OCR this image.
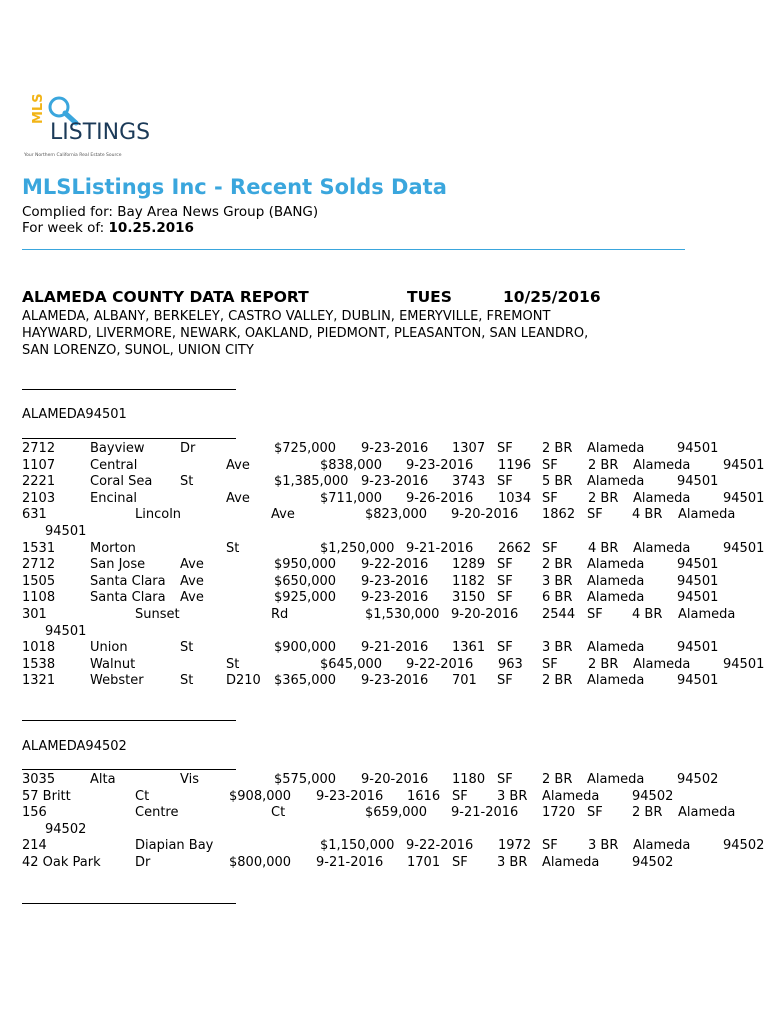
MLS
LISTINGS
Your Northern California Real Estate Source
MLSListings Inc - Recent Solds Data
Complied for: Bay Area News Group (BANG)
For week of: 10.25.2016
ALAMEDA COUNTY DATA REPORT	TUES	10/25/2016
ALAMEDA, ALBANY, BERKELEY, CASTRO VALLEY, DUBLIN, EMERYVILLE, FREMONT
HAYWARD, LIVERMORE, NEWARK, OAKLAND, PIEDMONT, PLEASANTON, SAN LEANDRO,
SAN LORENZO, SUNOL, UNION CITY
ALAMEDA94501
2712	Bayview	Dr	$725,000 9-23-2016 1307 SF 2 BR Alameda	94501
1107	Central	Ave	$838,000 9-23-2016 1196 SF 2 BR Alameda	94501
2221	Coral Sea St	$1,385,000 9-23-2016 3743 SF 5 BR Alameda	94501
2103	Encinal	Ave	$711,000 9-26-2016 1034 SF 2 BR Alameda	94501
631	Lincoln	Ave	$823,000 9-20-2016 1862 SF 4 BR Alameda
94501
1531	Morton	St	$1,250,000 9-21-2016 2662 SF 4 BR Alameda	94501
2712	San Jose	Ave	$950,000 9-22-2016 1289 SF 2 BR Alameda	94501
1505	Santa Clara Ave	$650,000 9-23-2016 1182 SF 3 BR Alameda	94501
1108	Santa Clara Ave	$925,000 9-23-2016 3150 SF 6 BR Alameda	94501
301	Sunset	Rd	$1,530,000 9-20-2016 2544 SF 4 BR Alameda
94501
1018	Union	St	$900,000 9-21-2016 1361 SF 3 BR Alameda	94501
1538	Walnut	St	$645,000 9-22-2016 963 SF 2 BR Alameda	94501
1321	Webster	St	D210 $365,000 9-23-2016 701 SF 2 BR Alameda	94501
ALAMEDA94502
3035	Alta	Vis	$575,000 9-20-2016 1180 SF 2 BR Alameda	94502
57 Britt	Ct	$908,000 9-23-2016 1616 SF 3 BR Alameda	94502
156	Centre	Ct	$659,000 9-21-2016 1720 SF 2 BR Alameda
94502
214	Diapian Bay	$1,150,000 9-22-2016 1972 SF 3 BR Alameda	94502
42 Oak Park	Dr	$800,000 9-21-2016 1701 SF 3 BR Alameda	94502
